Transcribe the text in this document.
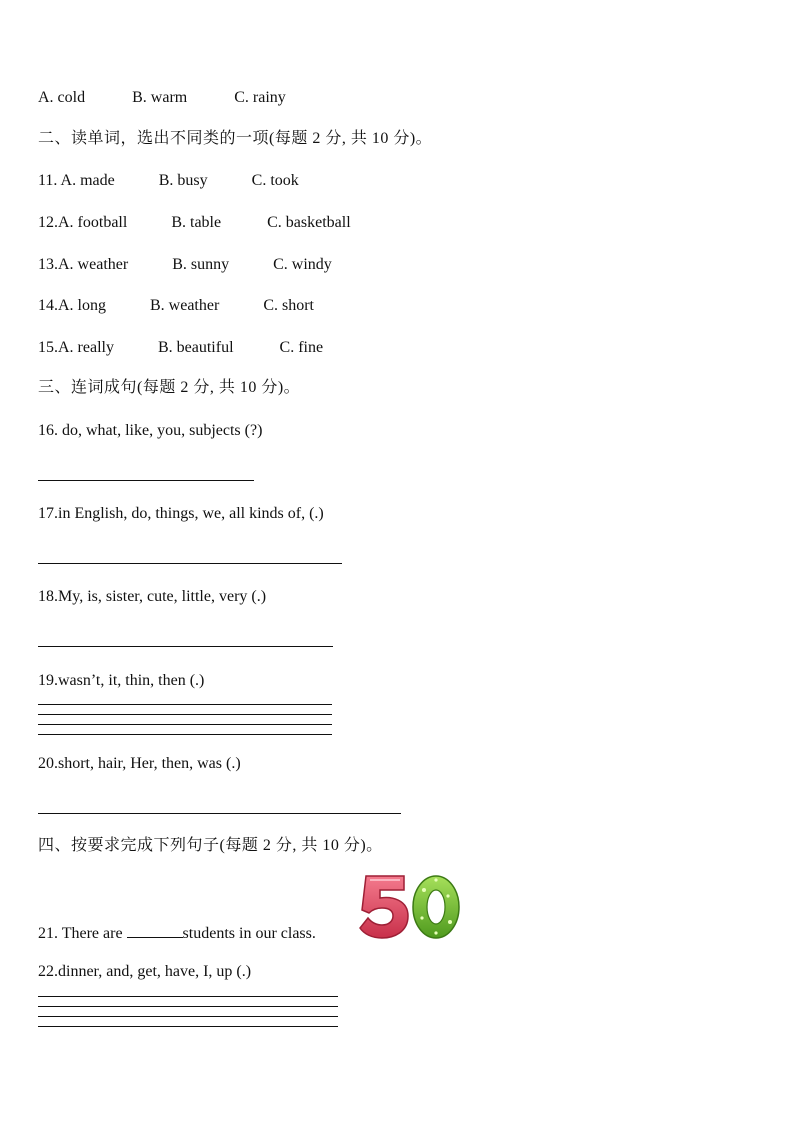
A. cold	B. warm	C. rainy
二、读单词，选出不同类的一项(每题 2 分, 共 10 分)。
11. A. made	B. busy	C. took
12.A. football	B. table	C. basketball
13.A. weather	B. sunny	C. windy
14.A. long	B. weather	C. short
15.A. really	B. beautiful	C. fine
三、连词成句(每题 2 分, 共 10 分)。
16. do, what, like, you, subjects (?)
17.in English, do, things, we, all kinds of, (.)
18.My, is, sister, cute, little, very (.)
19.wasn’t, it, thin, then (.)
20.short, hair, Her, then, was (.)
四、按要求完成下列句子(每题 2 分, 共 10 分)。
21. There are	students in our class.
22.dinner, and, get, have, I, up (.)
